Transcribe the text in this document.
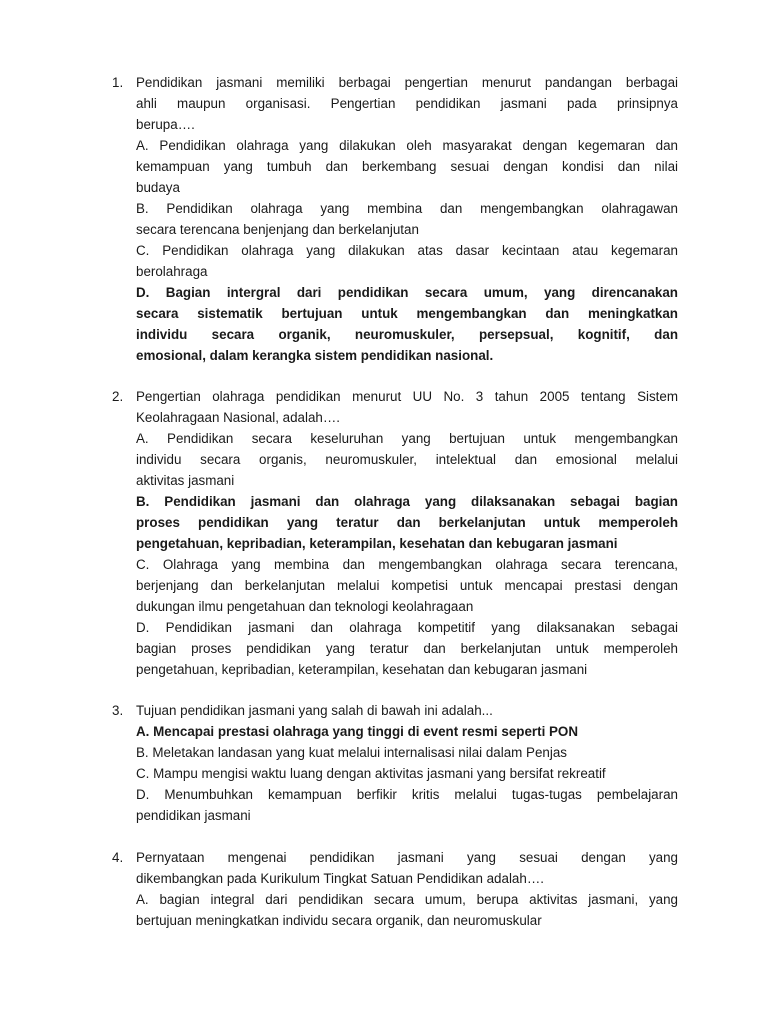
1. Pendidikan jasmani memiliki berbagai pengertian menurut pandangan berbagai
ahli maupun organisasi. Pengertian pendidikan jasmani pada prinsipnya
berupa….
A. Pendidikan olahraga yang dilakukan oleh masyarakat dengan kegemaran dan
kemampuan yang tumbuh dan berkembang sesuai dengan kondisi dan nilai
budaya
B. Pendidikan olahraga yang membina dan mengembangkan olahragawan
secara terencana benjenjang dan berkelanjutan
C. Pendidikan olahraga yang dilakukan atas dasar kecintaan atau kegemaran
berolahraga
D. Bagian intergral dari pendidikan secara umum, yang direncanakan
secara sistematik bertujuan untuk mengembangkan dan meningkatkan
individu secara organik, neuromuskuler, persepsual, kognitif, dan
emosional, dalam kerangka sistem pendidikan nasional.
2. Pengertian olahraga pendidikan menurut UU No. 3 tahun 2005 tentang Sistem
Keolahragaan Nasional, adalah….
A. Pendidikan secara keseluruhan yang bertujuan untuk mengembangkan
individu secara organis, neuromuskuler, intelektual dan emosional melalui
aktivitas jasmani
B. Pendidikan jasmani dan olahraga yang dilaksanakan sebagai bagian
proses pendidikan yang teratur dan berkelanjutan untuk memperoleh
pengetahuan, kepribadian, keterampilan, kesehatan dan kebugaran jasmani
C. Olahraga yang membina dan mengembangkan olahraga secara terencana,
berjenjang dan berkelanjutan melalui kompetisi untuk mencapai prestasi dengan
dukungan ilmu pengetahuan dan teknologi keolahragaan
D. Pendidikan jasmani dan olahraga kompetitif yang dilaksanakan sebagai
bagian proses pendidikan yang teratur dan berkelanjutan untuk memperoleh
pengetahuan, kepribadian, keterampilan, kesehatan dan kebugaran jasmani
3. Tujuan pendidikan jasmani yang salah di bawah ini adalah...
A. Mencapai prestasi olahraga yang tinggi di event resmi seperti PON
B. Meletakan landasan yang kuat melalui internalisasi nilai dalam Penjas
C. Mampu mengisi waktu luang dengan aktivitas jasmani yang bersifat rekreatif
D. Menumbuhkan kemampuan berfikir kritis melalui tugas-tugas pembelajaran
pendidikan jasmani
4. Pernyataan mengenai pendidikan jasmani yang sesuai dengan yang
dikembangkan pada Kurikulum Tingkat Satuan Pendidikan adalah….
A. bagian integral dari pendidikan secara umum, berupa aktivitas jasmani, yang
bertujuan meningkatkan individu secara organik, dan neuromuskular
